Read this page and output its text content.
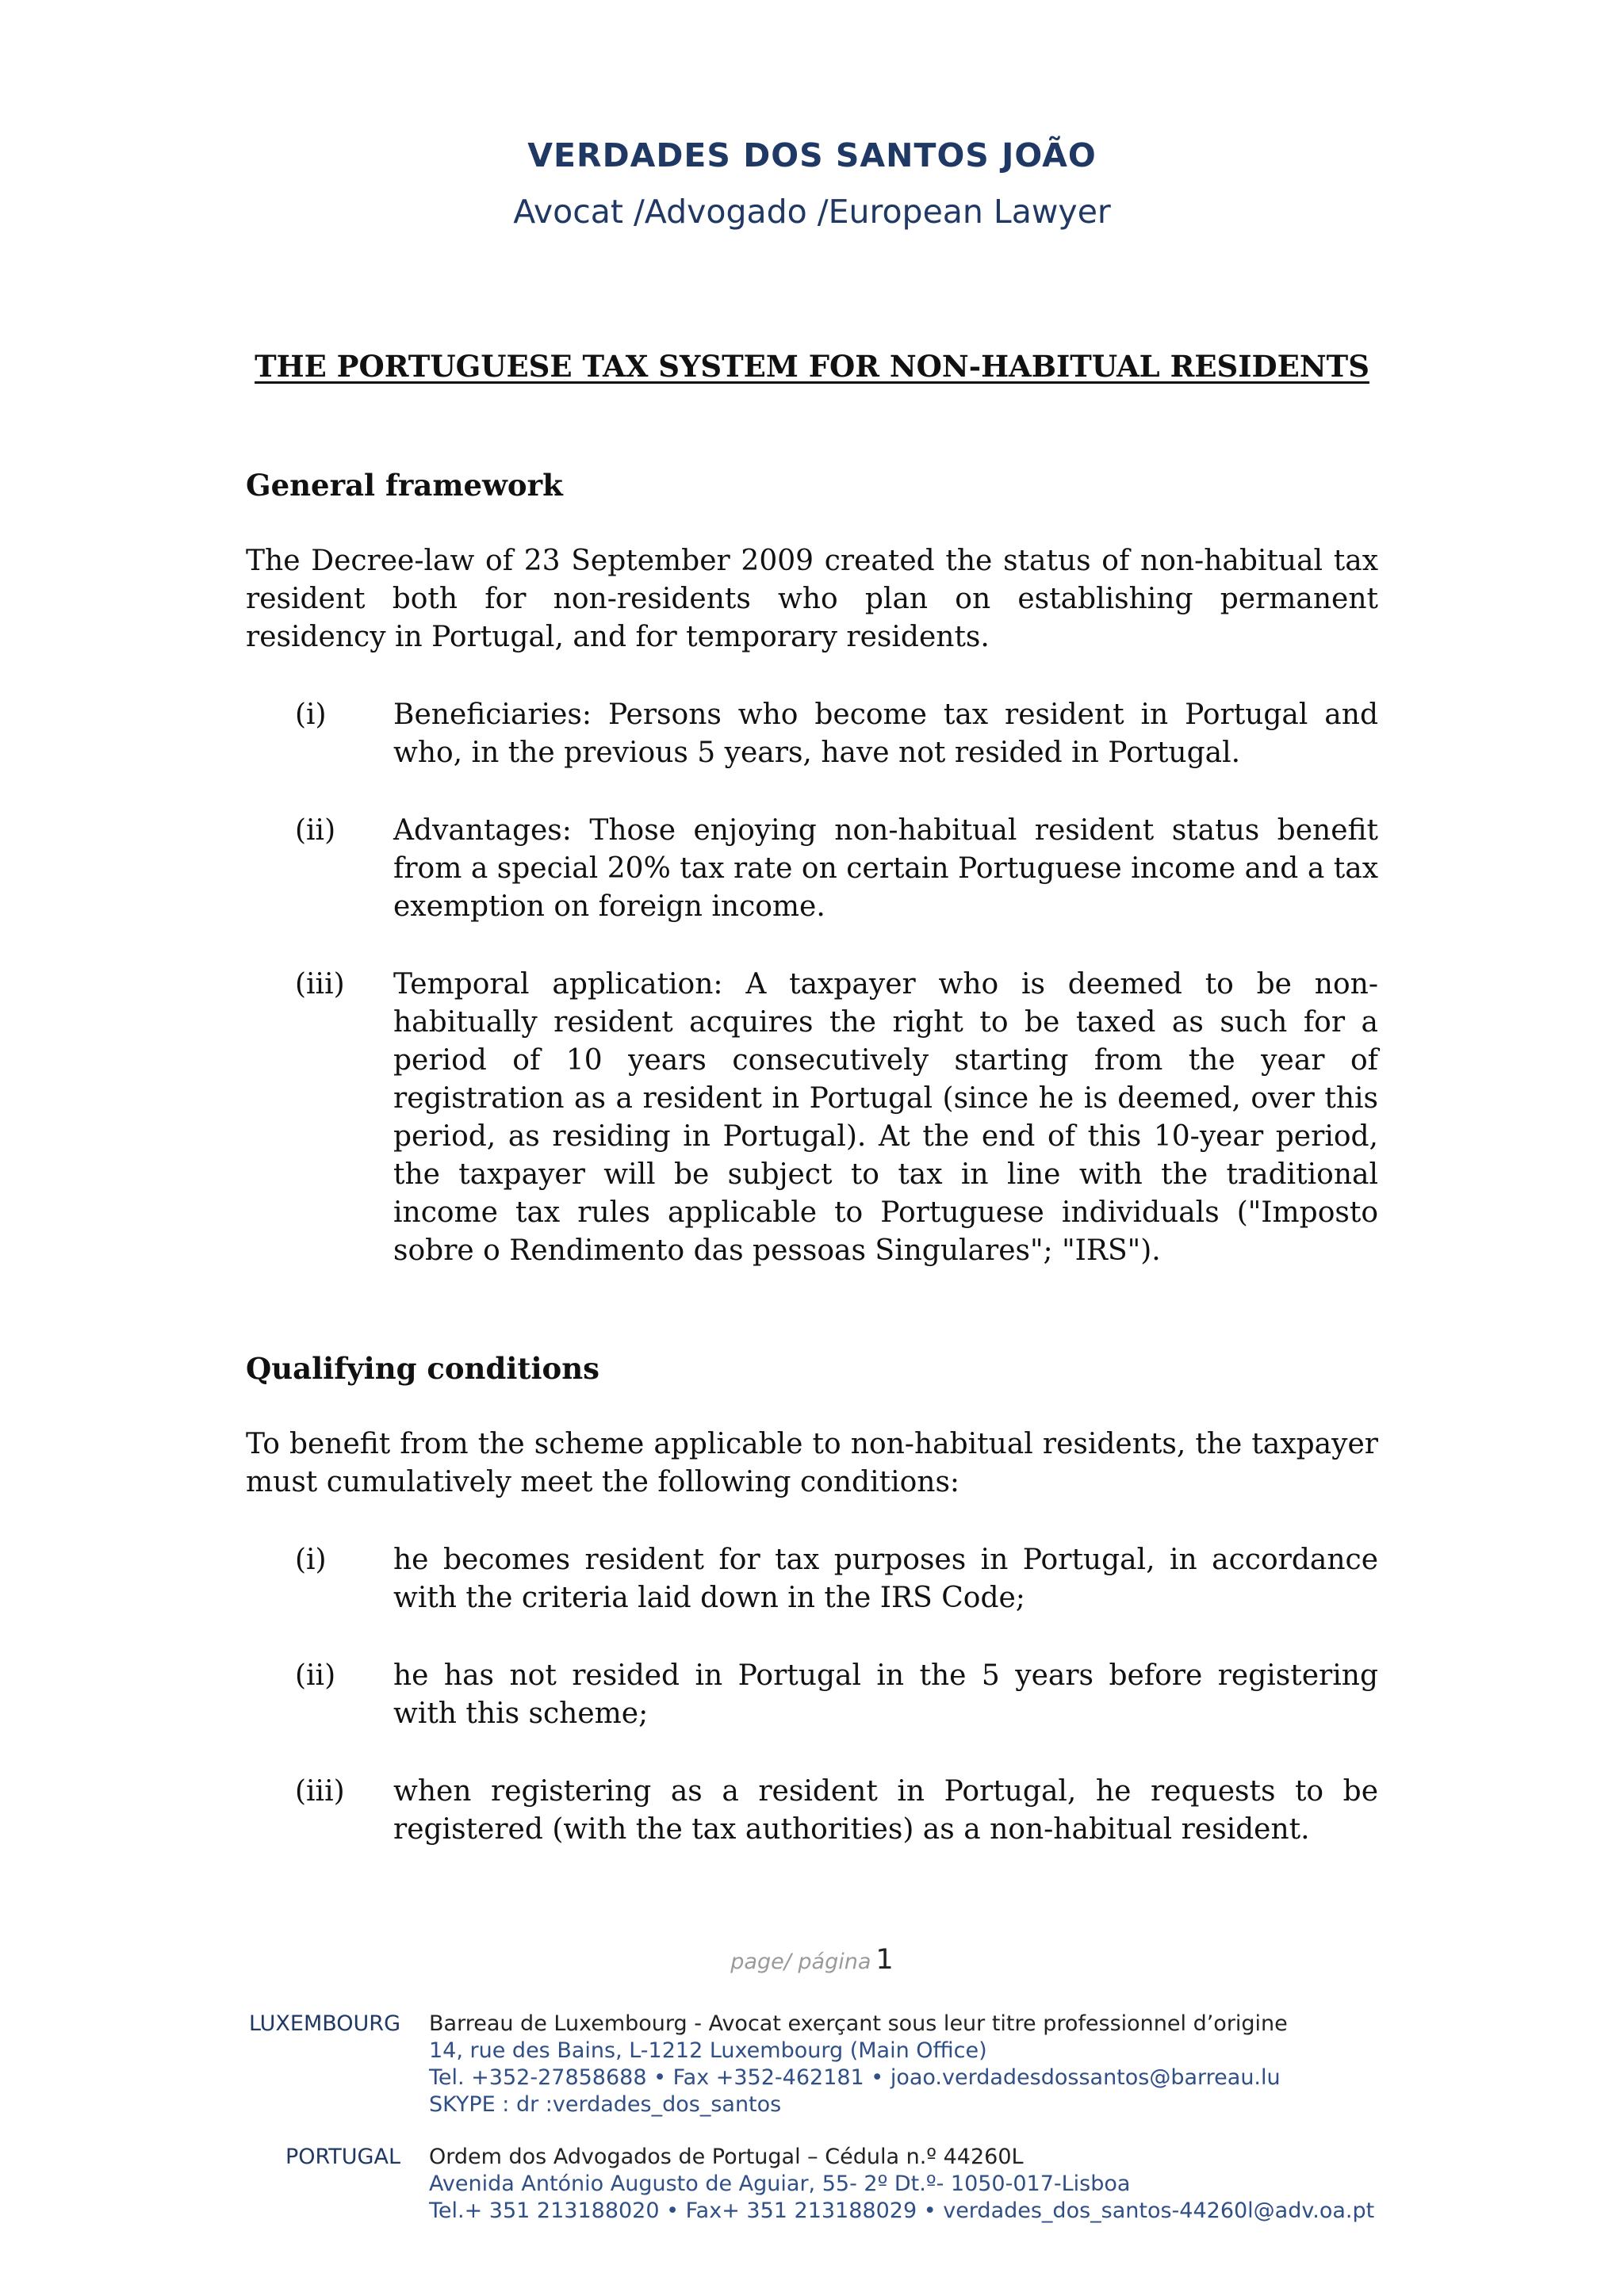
VERDADES DOS SANTOS JOÃO
Avocat /Advogado /European Lawyer
THE PORTUGUESE TAX SYSTEM FOR NON-HABITUAL RESIDENTS
General framework
The Decree-law of 23 September 2009 created the status of non-habitual tax resident both for non-residents who plan on establishing permanent residency in Portugal, and for temporary residents.
(i) Beneficiaries: Persons who become tax resident in Portugal and who, in the previous 5 years, have not resided in Portugal.
(ii) Advantages: Those enjoying non-habitual resident status benefit from a special 20% tax rate on certain Portuguese income and a tax exemption on foreign income.
(iii) Temporal application: A taxpayer who is deemed to be non-habitually resident acquires the right to be taxed as such for a period of 10 years consecutively starting from the year of registration as a resident in Portugal (since he is deemed, over this period, as residing in Portugal). At the end of this 10-year period, the taxpayer will be subject to tax in line with the traditional income tax rules applicable to Portuguese individuals ("Imposto sobre o Rendimento das pessoas Singulares"; "IRS").
Qualifying conditions
To benefit from the scheme applicable to non-habitual residents, the taxpayer must cumulatively meet the following conditions:
(i) he becomes resident for tax purposes in Portugal, in accordance with the criteria laid down in the IRS Code;
(ii) he has not resided in Portugal in the 5 years before registering with this scheme;
(iii) when registering as a resident in Portugal, he requests to be registered (with the tax authorities) as a non-habitual resident.
page/ página 1
LUXEMBOURG Barreau de Luxembourg - Avocat exerçant sous leur titre professionnel d’origine
14, rue des Bains, L-1212 Luxembourg (Main Office)
Tel. +352-27858688 • Fax +352-462181 • joao.verdadesdossantos@barreau.lu
SKYPE : dr :verdades_dos_santos
PORTUGAL Ordem dos Advogados de Portugal – Cédula n.º 44260L
Avenida António Augusto de Aguiar, 55- 2º Dt.º- 1050-017-Lisboa
Tel.+ 351 213188020 • Fax+ 351 213188029 • verdades_dos_santos-44260l@adv.oa.pt
